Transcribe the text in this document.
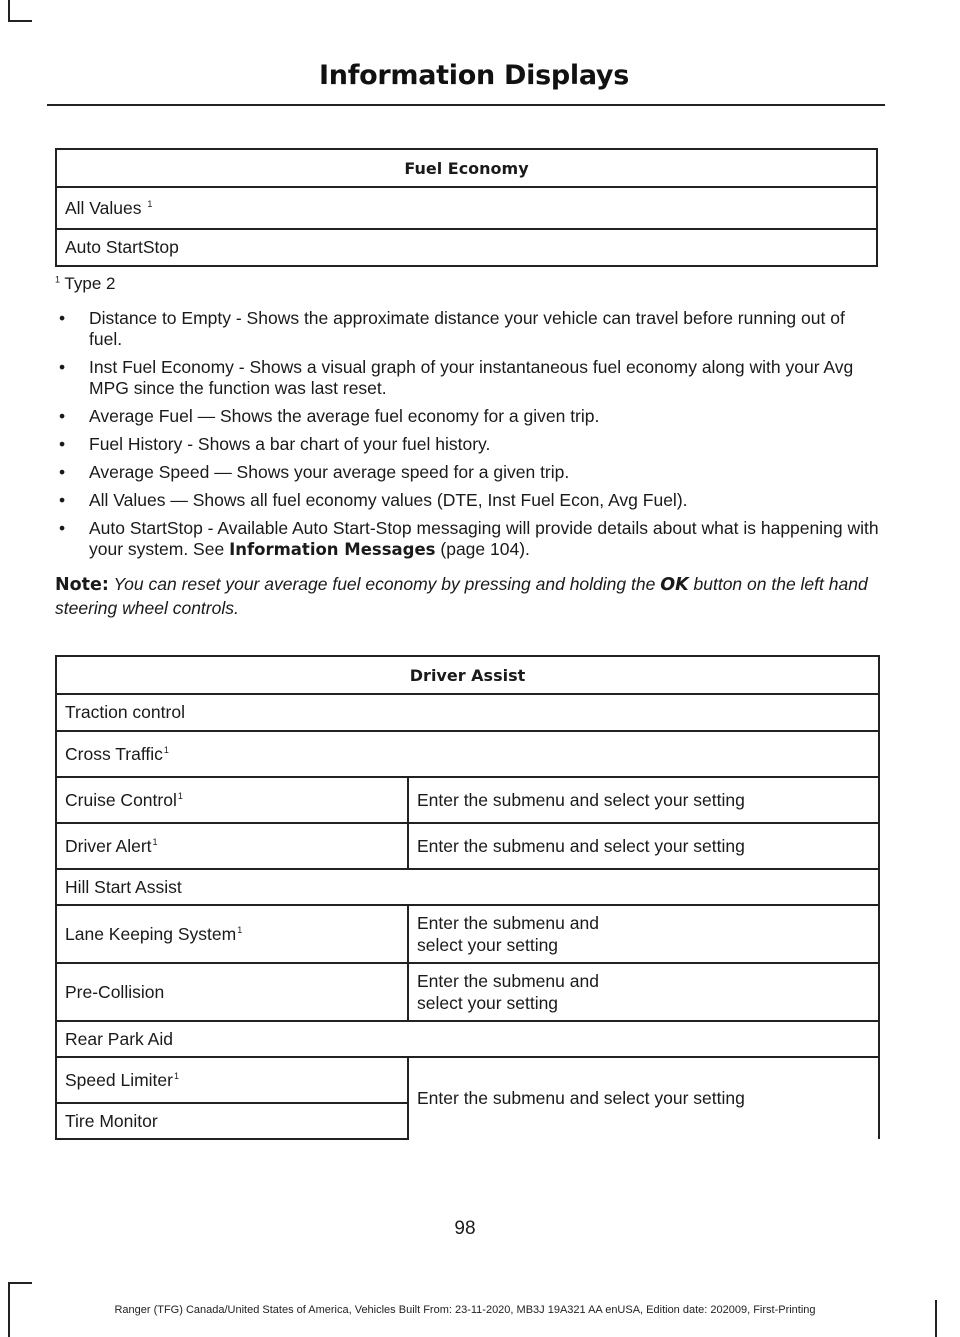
Information Displays
Fuel Economy
All Values $^1$
Auto StartStop
$^1$ Type 2
• Distance to Empty - Shows the approximate distance your vehicle can travel before running out of fuel.
• Inst Fuel Economy - Shows a visual graph of your instantaneous fuel economy along with your Avg MPG since the function was last reset.
• Average Fuel — Shows the average fuel economy for a given trip.
• Fuel History - Shows a bar chart of your fuel history.
• Average Speed — Shows your average speed for a given trip.
• All Values — Shows all fuel economy values (DTE, Inst Fuel Econ, Avg Fuel).
• Auto StartStop - Available Auto Start-Stop messaging will provide details about what is happening with your system. See Information Messages (page 104).
Note: You can reset your average fuel economy by pressing and holding the OK button on the left hand steering wheel controls.
Driver Assist	
Traction control	
Cross Traffic$^1$
Cruise Control$^1$	Enter the submenu and select your setting
Driver Alert$^1$	Enter the submenu and select your setting
Hill Start Assist	
Lane Keeping System$^1$	Enter the submenu and
select your setting
Pre-Collision	Enter the submenu and
select your setting
Rear Park Aid	
Speed Limiter$^1$	Enter the submenu and select your setting
Tire Monitor	
98
Ranger (TFG) Canada/United States of America, Vehicles Built From: 23-11-2020, MB3J 19A321 AA enUSA, Edition date: 202009, First-Printing
